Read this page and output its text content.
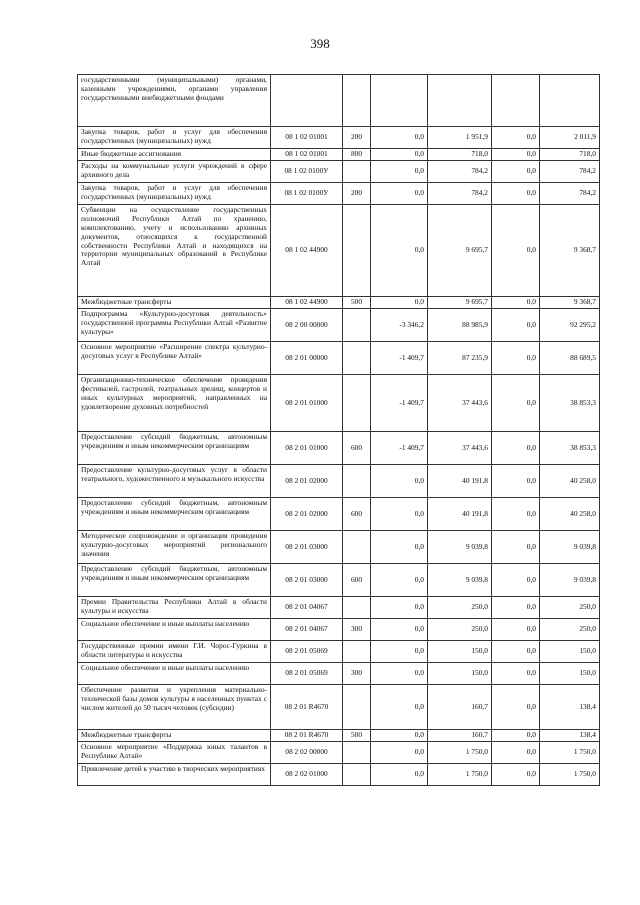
398
государственными (муниципальными) органами, казенными учреждениями, органами управления государственными внебюджетными фондами						
Закупка товаров, работ и услуг для обеспечения государственных (муниципальных) нужд	08 1 02 01001	200	0,0	1 951,9	0,0	2 011,9
Иные бюджетные ассигнования	08 1 02 01001	800	0,0	718,0	0,0	718,0
Расходы на коммунальные услуги учреждений в сфере архивного дела	08 1 02 0100У		0,0	784,2	0,0	784,2
Закупка товаров, работ и услуг для обеспечения государственных (муниципальных) нужд	08 1 02 0100У	200	0,0	784,2	0,0	784,2
Субвенции на осуществление государственных полномочий Республики Алтай по хранению, комплектованию, учету и использованию архивных документов, относящихся к государственной собственности Республики Алтай и находящихся на территории муниципальных образований в Республике Алтай	08 1 02 44900		0,0	9 695,7	0,0	9 368,7
Межбюджетные трансферты	08 1 02 44900	500	0,0	9 695,7	0,0	9 368,7
Подпрограмма «Культурно-досуговая деятельность» государственной программы Республики Алтай «Развитие культуры»	08 2 00 00000		-3 346,2	88 985,9	0,0	92 295,2
Основное мероприятие «Расширение спектра культурно-досуговых услуг в Республике Алтай»	08 2 01 00000		-1 409,7	87 235,9	0,0	88 689,5
Организационно-техническое обеспечение проведения фестивалей, гастролей, театральных зрелищ, концертов и иных культурных мероприятий, направленных на удовлетворение духовных потребностей	08 2 01 01000		-1 409,7	37 443,6	0,0	38 853,3
Предоставление субсидий бюджетным, автономным учреждениям и иным некоммерческим организациям	08 2 01 01000	600	-1 409,7	37 443,6	0,0	38 853,3
Предоставление культурно-досуговых услуг в области театрального, художественного и музыкального искусства	08 2 01 02000		0,0	40 191,8	0,0	40 258,0
Предоставление субсидий бюджетным, автономным учреждениям и иным некоммерческим организациям	08 2 01 02000	600	0,0	40 191,8	0,0	40 258,0
Методическое сопровождение и организация проведения культурно-досуговых мероприятий регионального значения	08 2 01 03000		0,0	9 039,8	0,0	9 039,8
Предоставление субсидий бюджетным, автономным учреждениям и иным некоммерческим организациям	08 2 01 03000	600	0,0	9 039,8	0,0	9 039,8
Премии Правительства Республики Алтай в области культуры и искусства	08 2 01 04067		0,0	250,0	0,0	250,0
Социальное обеспечение и иные выплаты населению	08 2 01 04067	300	0,0	250,0	0,0	250,0
Государственные премии имени Г.И. Чорос-Гуркина в области литературы и искусства	08 2 01 05069		0,0	150,0	0,0	150,0
Социальное обеспечение и иные выплаты населению	08 2 01 05069	300	0,0	150,0	0,0	150,0
Обеспечение развития и укрепления материально-технической базы домов культуры в населенных пунктах с числом жителей до 50 тысяч человек (субсидии)	08 2 01 R4670		0,0	160,7	0,0	138,4
Межбюджетные трансферты	08 2 01 R4670	500	0,0	160,7	0,0	138,4
Основное мероприятие «Поддержка юных талантов в Республике Алтай»	08 2 02 00000		0,0	1 750,0	0,0	1 750,0
Привлечение детей к участию в творческих мероприятиях	08 2 02 01000		0,0	1 750,0	0,0	1 750,0
